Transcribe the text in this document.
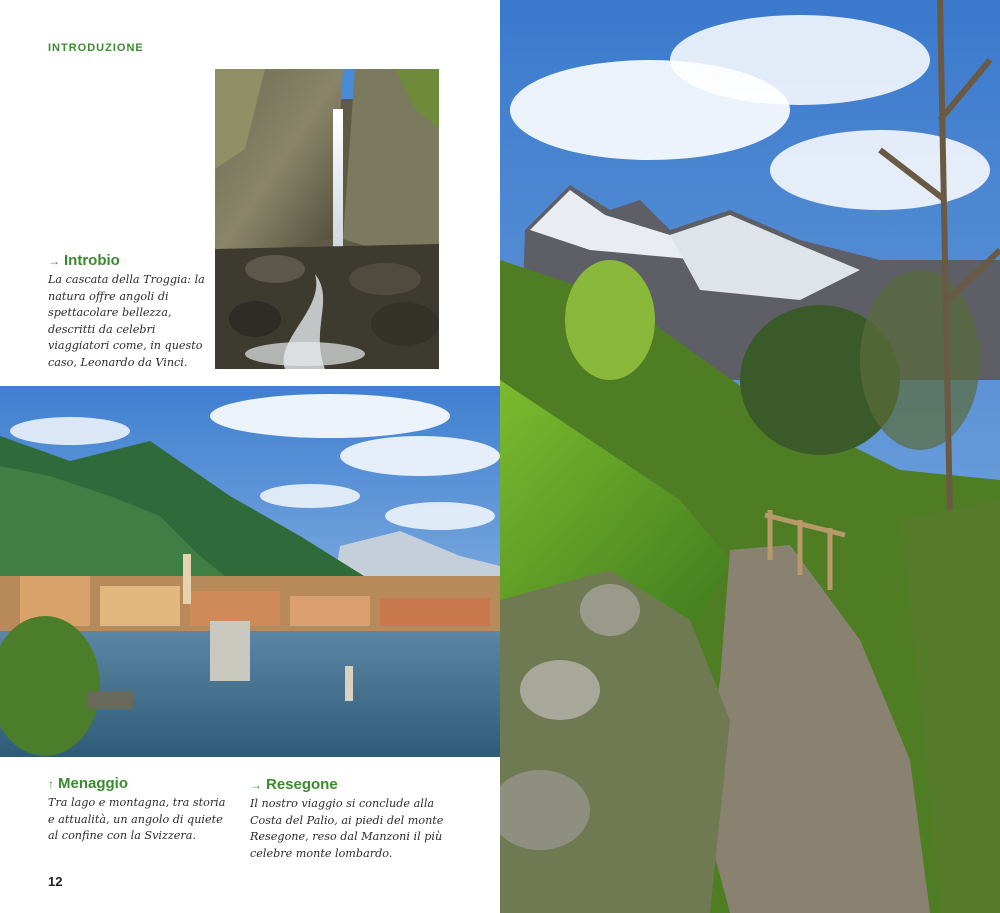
INTRODUZIONE
→ Introbio
La cascata della Troggia: la natura offre angoli di spettacolare bellezza, descritti da celebri viaggiatori come, in questo caso, Leonardo da Vinci.
↑ Menaggio
Tra lago e montagna, tra storia e attualità, un angolo di quiete al confine con la Svizzera.
→ Resegone
Il nostro viaggio si conclude alla Costa del Palio, ai piedi del monte Resegone, reso dal Manzoni il più celebre monte lombardo.
12
